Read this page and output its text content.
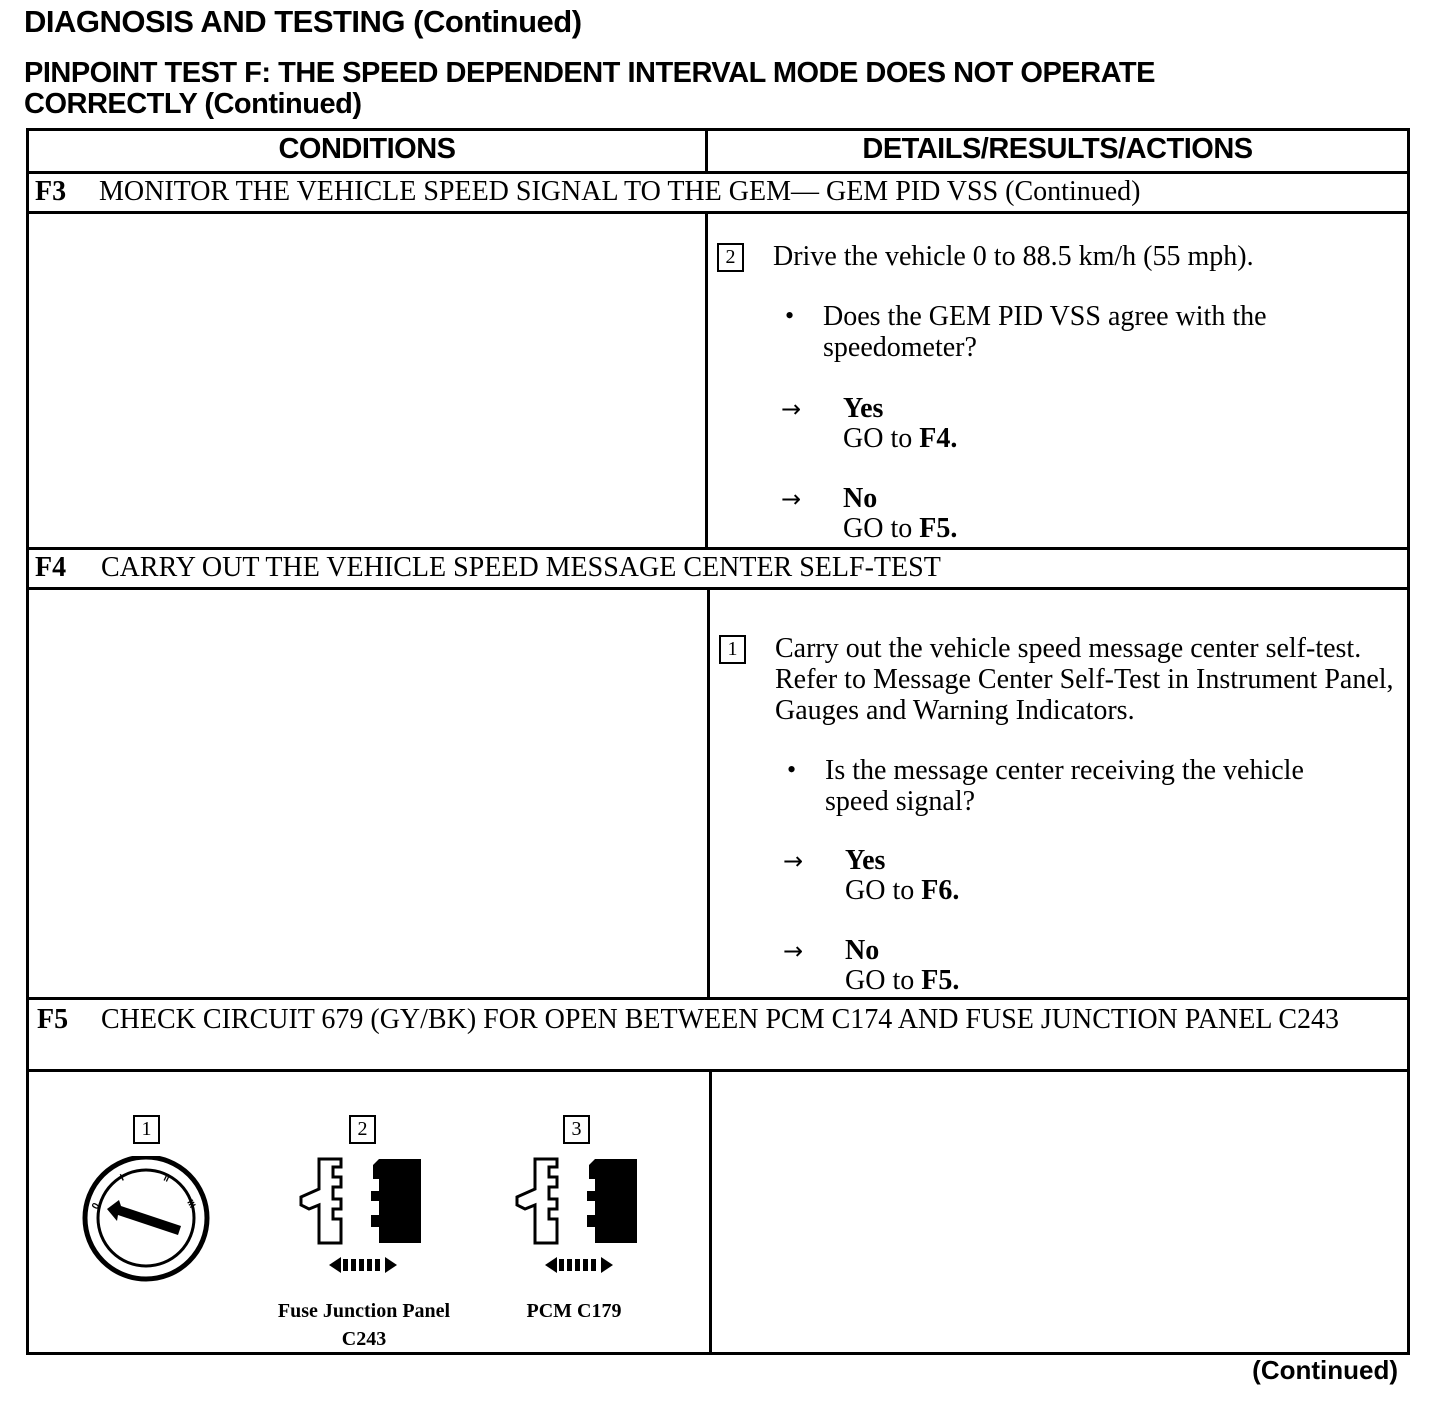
DIAGNOSIS AND TESTING (Continued)
PINPOINT TEST F: THE SPEED DEPENDENT INTERVAL MODE DOES NOT OPERATE CORRECTLY (Continued)
CONDITIONS	DETAILS/RESULTS/ACTIONS
F3 MONITOR THE VEHICLE SPEED SIGNAL TO THE GEM— GEM PID VSS (Continued)
2	Drive the vehicle 0 to 88.5 km/h (55 mph).
• Does the GEM PID VSS agree with the speedometer?
→ Yes
GO to F4.
→ No
GO to F5.
F4 CARRY OUT THE VEHICLE SPEED MESSAGE CENTER SELF-TEST
1	Carry out the vehicle speed message center self-test. Refer to Message Center Self-Test in Instrument Panel, Gauges and Warning Indicators.
• Is the message center receiving the vehicle speed signal?
→ Yes
GO to F6.
→ No
GO to F5.
F5 CHECK CIRCUIT 679 (GY/BK) FOR OPEN BETWEEN PCM C174 AND FUSE JUNCTION PANEL C243
1	2	3
0
I	II
III
Fuse Junction Panel C243
PCM C179
(Continued)
